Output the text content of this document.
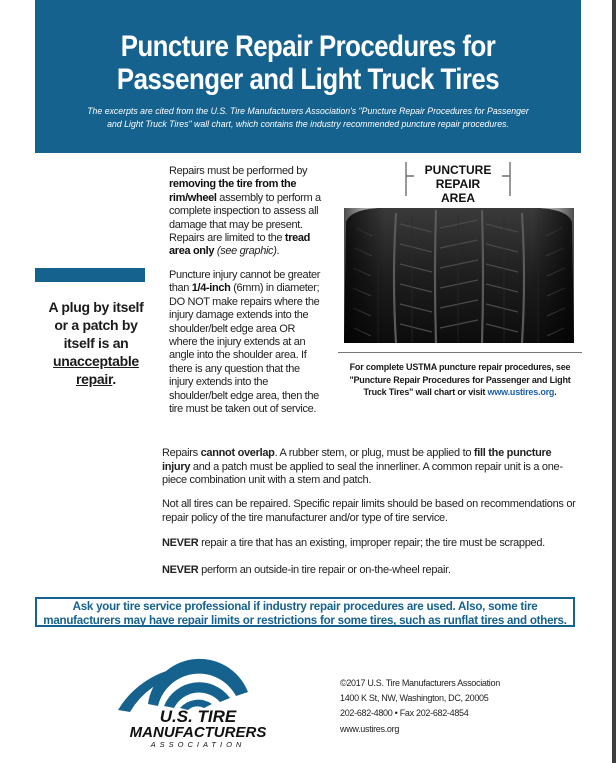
Puncture Repair Procedures for
Passenger and Light Truck Tires

The excerpts are cited from the U.S. Tire Manufacturers Association's "Puncture Repair Procedures for Passenger and Light Truck Tires" wall chart, which contains the industry recommended puncture repair procedures.

A plug by itself
or a patch by
itself is an
unacceptable
repair.
Repairs must be performed by removing the tire from the rim/wheel assembly to perform a complete inspection to assess all damage that may be present. Repairs are limited to the tread area only (see graphic).
Puncture injury cannot be greater than 1/4-inch (6mm) in diameter; DO NOT make repairs where the injury damage extends into the shoulder/belt edge area OR where the injury extends at an angle into the shoulder area. If there is any question that the injury extends into the shoulder/belt edge area, then the tire must be taken out of service.
PUNCTURE
REPAIR
AREA
For complete USTMA puncture repair procedures, see "Puncture Repair Procedures for Passenger and Light Truck Tires" wall chart or visit www.ustires.org.

Repairs cannot overlap. A rubber stem, or plug, must be applied to fill the puncture injury and a patch must be applied to seal the innerliner. A common repair unit is a one-piece combination unit with a stem and patch.

Not all tires can be repaired. Specific repair limits should be based on recommendations or repair policy of the tire manufacturer and/or type of tire service.

NEVER repair a tire that has an existing, improper repair; the tire must be scrapped.

NEVER perform an outside-in tire repair or on-the-wheel repair.

Ask your tire service professional if industry repair procedures are used. Also, some tire manufacturers may have repair limits or restrictions for some tires, such as runflat tires and others.
U.S. TIRE
MANUFACTURERS
ASSOCIATION
©2017 U.S. Tire Manufacturers Association
1400 K St, NW, Washington, DC, 20005
202-682-4800 • Fax 202-682-4854
www.ustires.org
